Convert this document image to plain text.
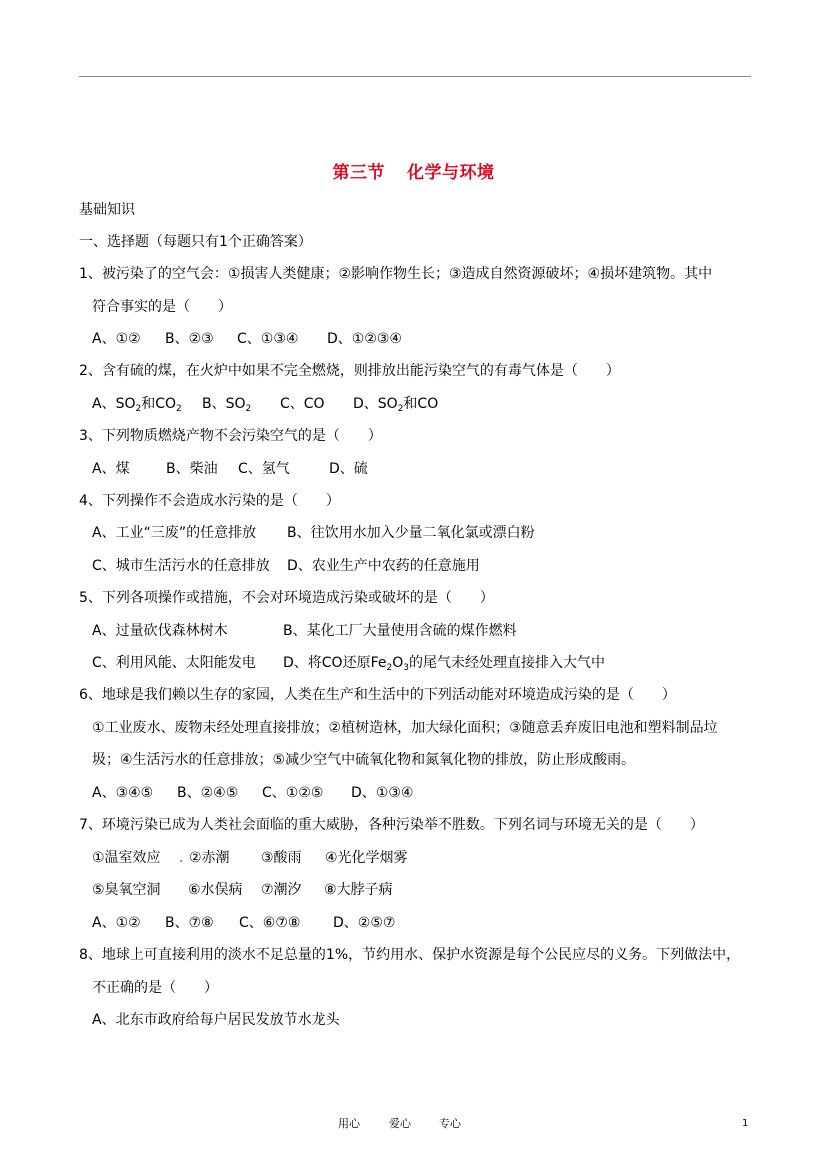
第三节 化学与环境
基础知识
一、选择题（每题只有1个正确答案）
1、被污染了的空气会：①损害人类健康；②影响作物生长；③造成自然资源破坏；④损坏建筑物。其中
符合事实的是（　　）
A、①② B、②③ C、①③④ D、①②③④
2、含有硫的煤，在火炉中如果不完全燃烧，则排放出能污染空气的有毒气体是（　　）
A、$SO_2$和$CO_2$ B、$SO_2$ C、CO D、$SO_2$和CO
3、下列物质燃烧产物不会污染空气的是（　　）
A、煤	B、柴油 C、氢气	D、硫
4、下列操作不会造成水污染的是（　　）
A、工业“三废”的任意排放 B、往饮用水加入少量二氧化氯或漂白粉
C、城市生活污水的任意排放 D、农业生产中农药的任意施用
5、下列各项操作或措施，不会对环境造成污染或破坏的是（　　）
A、过量砍伐森林树木	B、某化工厂大量使用含硫的煤作燃料
C、利用风能、太阳能发电 D、将CO还原$Fe_2O_3$的尾气未经处理直接排入大气中
6、地球是我们赖以生存的家园，人类在生产和生活中的下列活动能对环境造成污染的是（　　）
①工业废水、废物未经处理直接排放；②植树造林，加大绿化面积；③随意丢弃废旧电池和塑料制品垃
圾；④生活污水的任意排放；⑤减少空气中硫氧化物和氮氧化物的排放，防止形成酸雨。
A、③④⑤ B、②④⑤ C、①②⑤ D、①③④
7、环境污染已成为人类社会面临的重大威胁，各种污染举不胜数。下列名词与环境无关的是（　　）
①温室效应 . ②赤潮 ③酸雨 ④光化学烟雾
⑤臭氧空洞 ⑥水俣病 ⑦潮汐 ⑧大脖子病
A、①② B、⑦⑧ C、⑥⑦⑧ D、②⑤⑦
8、地球上可直接利用的淡水不足总量的1%，节约用水、保护水资源是每个公民应尽的义务。下列做法中，
不正确的是（　　）
A、北东市政府给每户居民发放节水龙头
用心	爱心	专心	1
